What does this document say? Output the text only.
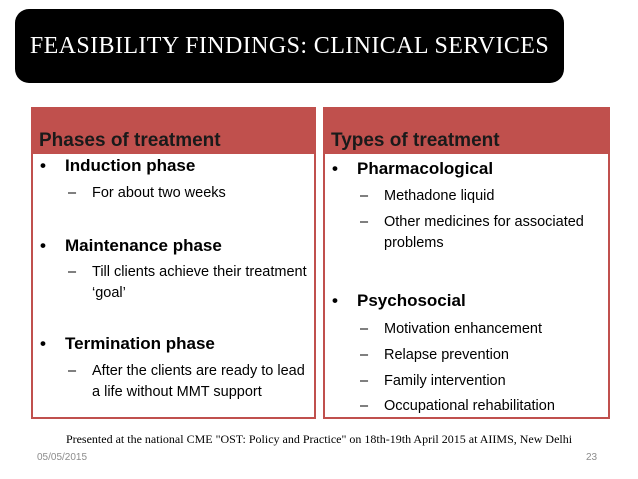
FEASIBILITY FINDINGS: CLINICAL SERVICES
Phases of treatment
•	Induction phase
–	For about two weeks
•	Maintenance phase
–	Till clients achieve their treatment ‘goal’
•	Termination phase
–	After the clients are ready to lead a life without MMT support
Types of treatment
•	Pharmacological
–	Methadone liquid
–	Other medicines for associated problems
•	Psychosocial
–	Motivation enhancement
–	Relapse prevention
–	Family intervention
–	Occupational rehabilitation
Presented at the national CME "OST: Policy and Practice" on 18th-19th April 2015 at AIIMS, New Delhi
05/05/2015	23
